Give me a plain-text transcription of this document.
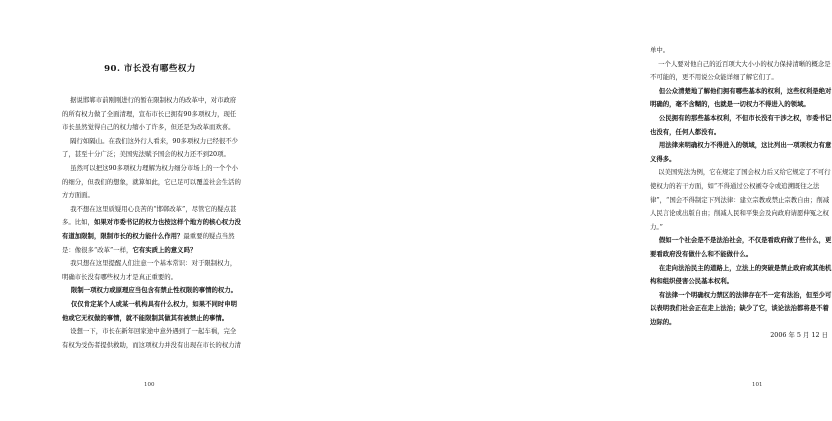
90. 市长没有哪些权力

据说邯郸市前刚刚进行的暂在限制权力的改革中，对市政府的所有权力做了全面清理，宣布市长已拥有90多项权力，现任市长虽然觉得自己的权力缩小了许多，但还是为改革而欢喜。

隔行如隔山。在我们这外行人看来，90多项权力已经很不少了，甚至十分广泛；美国宪法赋予国会的权力还不到20项。

虽然可以把这90多项权力理解为权力细分市场上的一个个小的细分，但我们的想象，就算如此，它已足可以覆盖社会生活的方方面面。

我不想在这里质疑用心良苦的“邯郸改革”，尽管它的疑点甚多。比如，如果对市委书记的权力也按这样个地方的核心权力没有道加限制，限制市长的权力能什么作用？最重要的疑点当然是：像很多“改革”一样，它有实质上的意义吗？

我只想在这里提醒人们注意一个基本常识：对于限制权力，明确市长没有哪些权力才是真正重要的。

限制一项权力或原理应当包含有禁止性权限的事情的权力。

仅仅肯定某个人或某一机构具有什么权力，如果不同时申明他或它无权做的事情，就不能限制其做其有被禁止的事情。

设想一下，市长在新年回家途中意外遇到了一起车祸，完全有权为受伤者提供救助，而这项权力并没有出现在市长的权力清

100

单中。

一个人要对他自己的近百项大大小小的权力保持清晰的概念是不可能的，更不用说公众能详细了解它们了。

但公众清楚地了解他们拥有哪些基本的权利，这些权利是绝对明确的，毫不含糊的，也就是一切权力不得进入的领域。

公民拥有的那些基本权利，不但市长没有干涉之权，市委书记也没有，任何人都没有。

用法律来明确权力不得进入的领域，这比列出一项项权力有意义得多。

以美国宪法为例，它在规定了国会权力后又给它规定了不可行使权力的若干方面，如“不得通过公权褫夺令或追溯既往之法律”，“国会不得制定下列法律：建立宗教或禁止宗教自由；削减人民言论或出版自由；削减人民和平集会及向政府请愿伸冤之权力。”

假如一个社会是不是法治社会，不仅是看政府做了些什么，更要看政府没有做什么和不能做什么。

在走向法治民主的道路上，立法上的突破是禁止政府或其他机构和组织侵害公民基本权利。

有法律一个明确权力禁区的法律存在不一定有法治，但至少可以表明我们社会正在走上法治；缺少了它，谈论法治都将是不着边际的。

2006 年 5 月 12 日

101
